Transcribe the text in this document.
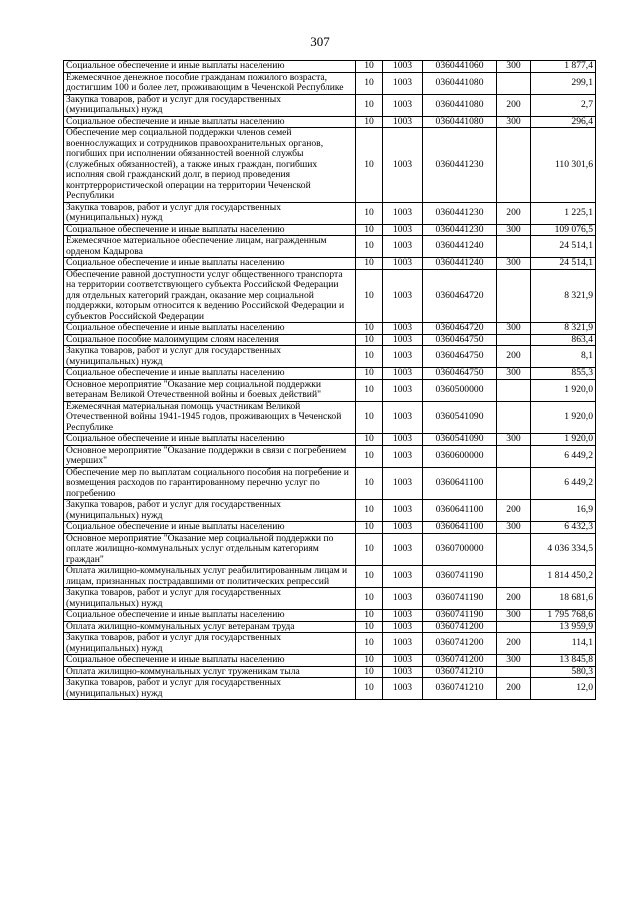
307
Социальное обеспечение и иные выплаты населению	10	1003	0360441060	300	1 877,4
Ежемесячное денежное пособие гражданам пожилого возраста, достигшим 100 и более лет, проживающим в Чеченской Республике	10	1003	0360441080		299,1
Закупка товаров, работ и услуг для государственных (муниципальных) нужд	10	1003	0360441080	200	2,7
Социальное обеспечение и иные выплаты населению	10	1003	0360441080	300	296,4
Обеспечение мер социальной поддержки членов семей военнослужащих и сотрудников правоохранительных органов, погибших при исполнении обязанностей военной службы (служебных обязанностей), а также иных граждан, погибших исполняя свой гражданский долг, в период проведения контртеррористической операции на территории Чеченской Республики	10	1003	0360441230		110 301,6
Закупка товаров, работ и услуг для государственных (муниципальных) нужд	10	1003	0360441230	200	1 225,1
Социальное обеспечение и иные выплаты населению	10	1003	0360441230	300	109 076,5
Ежемесячное материальное обеспечение лицам, награжденным орденом Кадырова	10	1003	0360441240		24 514,1
Социальное обеспечение и иные выплаты населению	10	1003	0360441240	300	24 514,1
Обеспечение равной доступности услуг общественного транспорта на территории соответствующего субъекта Российской Федерации для отдельных категорий граждан, оказание мер социальной поддержки, которым относится к ведению Российской Федерации и субъектов Российской Федерации	10	1003	0360464720		8 321,9
Социальное обеспечение и иные выплаты населению	10	1003	0360464720	300	8 321,9
Социальное пособие малоимущим слоям населения	10	1003	0360464750		863,4
Закупка товаров, работ и услуг для государственных (муниципальных) нужд	10	1003	0360464750	200	8,1
Социальное обеспечение и иные выплаты населению	10	1003	0360464750	300	855,3
Основное мероприятие "Оказание мер социальной поддержки ветеранам Великой Отечественной войны и боевых действий"	10	1003	0360500000		1 920,0
Ежемесячная материальная помощь участникам Великой Отечественной войны 1941-1945 годов, проживающих в Чеченской Республике	10	1003	0360541090		1 920,0
Социальное обеспечение и иные выплаты населению	10	1003	0360541090	300	1 920,0
Основное мероприятие "Оказание поддержки в связи с погребением умерших"	10	1003	0360600000		6 449,2
Обеспечение мер по выплатам социального пособия на погребение и возмещения расходов по гарантированному перечню услуг по погребению	10	1003	0360641100		6 449,2
Закупка товаров, работ и услуг для государственных (муниципальных) нужд	10	1003	0360641100	200	16,9
Социальное обеспечение и иные выплаты населению	10	1003	0360641100	300	6 432,3
Основное мероприятие "Оказание мер социальной поддержки по оплате жилищно-коммунальных услуг отдельным категориям граждан"	10	1003	0360700000		4 036 334,5
Оплата жилищно-коммунальных услуг реабилитированным лицам и лицам, признанных пострадавшими от политических репрессий	10	1003	0360741190		1 814 450,2
Закупка товаров, работ и услуг для государственных (муниципальных) нужд	10	1003	0360741190	200	18 681,6
Социальное обеспечение и иные выплаты населению	10	1003	0360741190	300	1 795 768,6
Оплата жилищно-коммунальных услуг ветеранам труда	10	1003	0360741200		13 959,9
Закупка товаров, работ и услуг для государственных (муниципальных) нужд	10	1003	0360741200	200	114,1
Социальное обеспечение и иные выплаты населению	10	1003	0360741200	300	13 845,8
Оплата жилищно-коммунальных услуг труженикам тыла	10	1003	0360741210		580,3
Закупка товаров, работ и услуг для государственных (муниципальных) нужд	10	1003	0360741210	200	12,0
